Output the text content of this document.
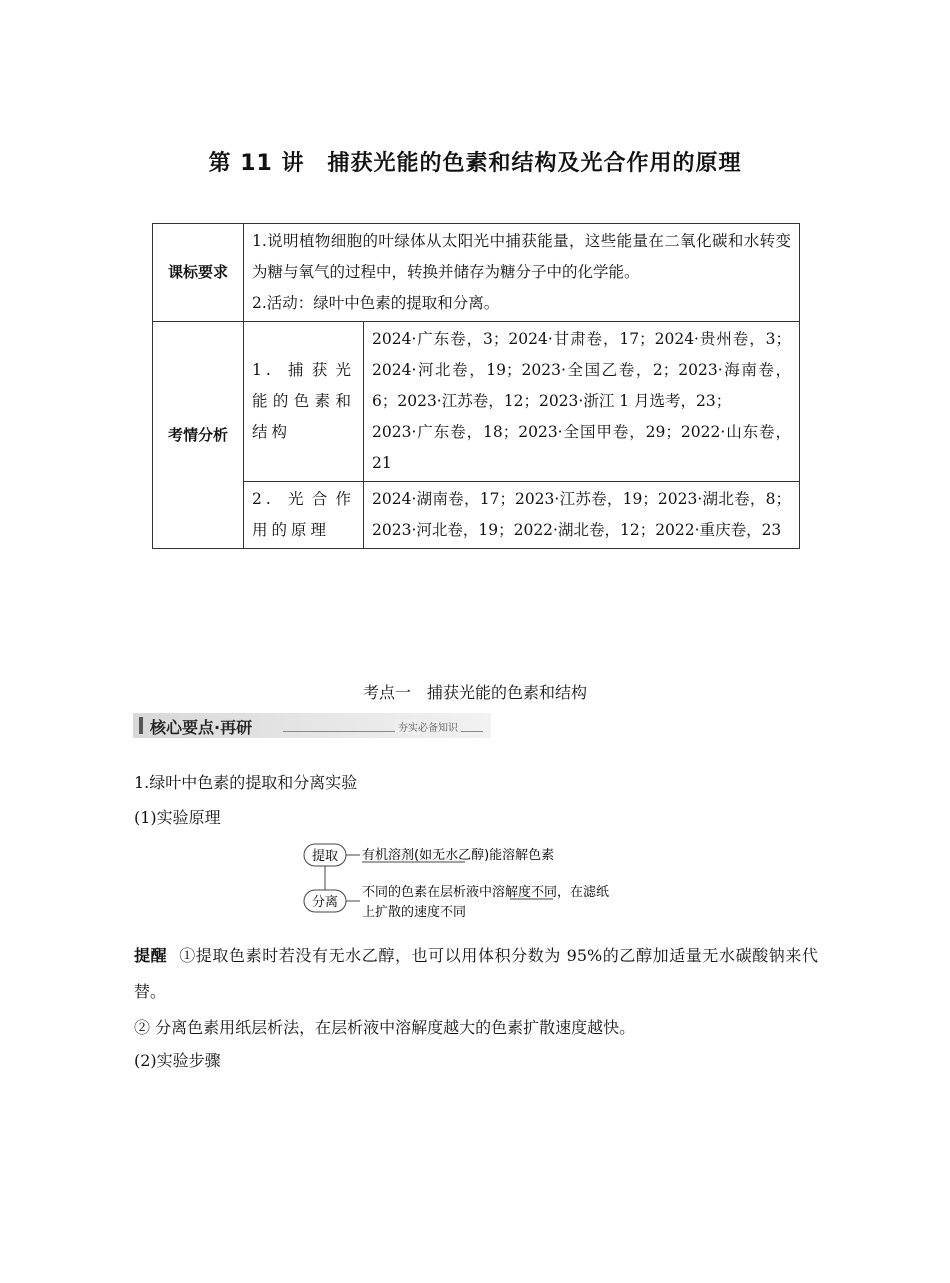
第 11 讲　捕获光能的色素和结构及光合作用的原理
课标要求	1.说明植物细胞的叶绿体从太阳光中捕获能量，这些能量在二氧化碳和水转变为糖与氧气的过程中，转换并储存为糖分子中的化学能。
2.活动：绿叶中色素的提取和分离。	

考情分析	1. 捕获光能的色素和结构	2024·广东卷，3；2024·甘肃卷，17；2024·贵州卷，3；2024·河北卷，19；2023·全国乙卷，2；2023·海南卷，6；2023·江苏卷，12；2023·浙江 1 月选考，23；
2023·广东卷，18；2023·全国甲卷，29；2022·山东卷，21

	2. 光合作用的原理	2024·湖南卷，17；2023·江苏卷，19；2023·湖北卷，8；2023·河北卷，19；2022·湖北卷，12；2022·重庆卷，23
考点一　捕获光能的色素和结构
核心要点·再研	夯实必备知识
1.绿叶中色素的提取和分离实验
(1)实验原理
提取 有机溶剂(如无水乙醇)能溶解色素
分离
不同的色素在层析液中溶解度不同，在滤纸
上扩散的速度不同
提醒 ①提取色素时若没有无水乙醇，也可以用体积分数为 95%的乙醇加适量无水碳酸钠来代替。
② 分离色素用纸层析法，在层析液中溶解度越大的色素扩散速度越快。
(2)实验步骤
